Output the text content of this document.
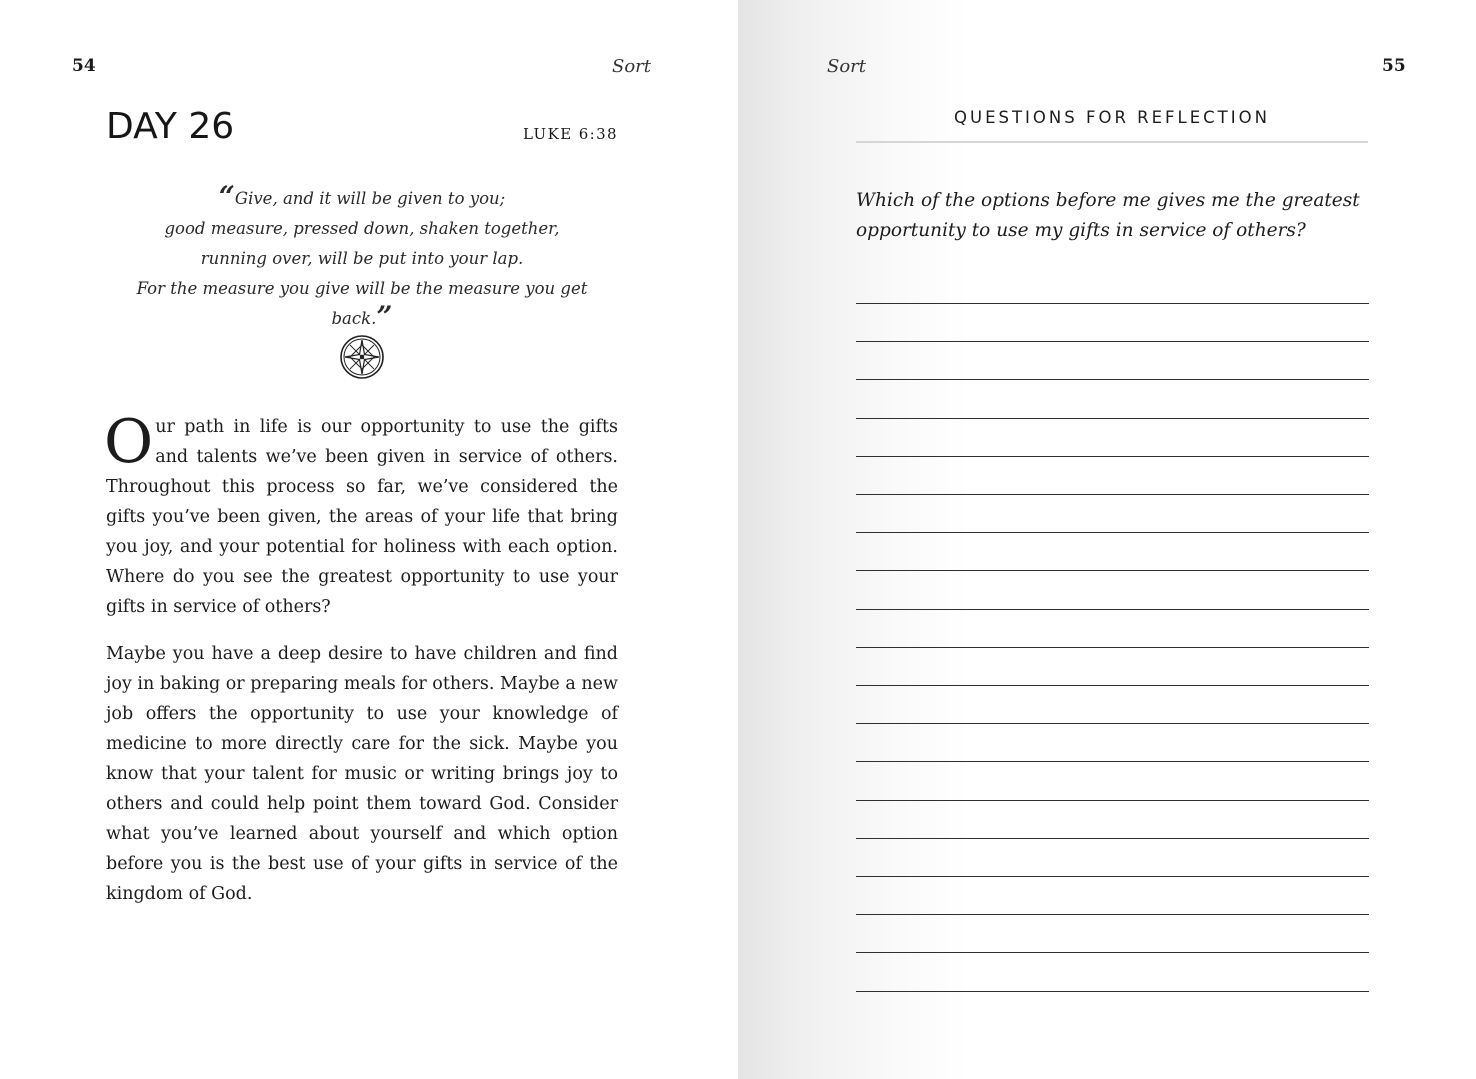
54	Sort
DAY 26	LUKE 6:38
“Give, and it will be given to you;
good measure, pressed down, shaken together,
running over, will be put into your lap.
For the measure you give will be the measure you get back.”

Our path in life is our opportunity to use the gifts and talents we’ve been given in service of others. Throughout this process so far, we’ve considered the gifts you’ve been given, the areas of your life that bring you joy, and your potential for holiness with each option. Where do you see the greatest opportunity to use your gifts in service of others?

Maybe you have a deep desire to have children and find joy in baking or preparing meals for others. Maybe a new job offers the opportunity to use your knowledge of medicine to more directly care for the sick. Maybe you know that your talent for music or writing brings joy to others and could help point them toward God. Consider what you’ve learned about yourself and which option before you is the best use of your gifts in service of the kingdom of God.

Sort	55
QUESTIONS FOR REFLECTION
Which of the options before me gives me the greatest opportunity to use my gifts in service of others?
